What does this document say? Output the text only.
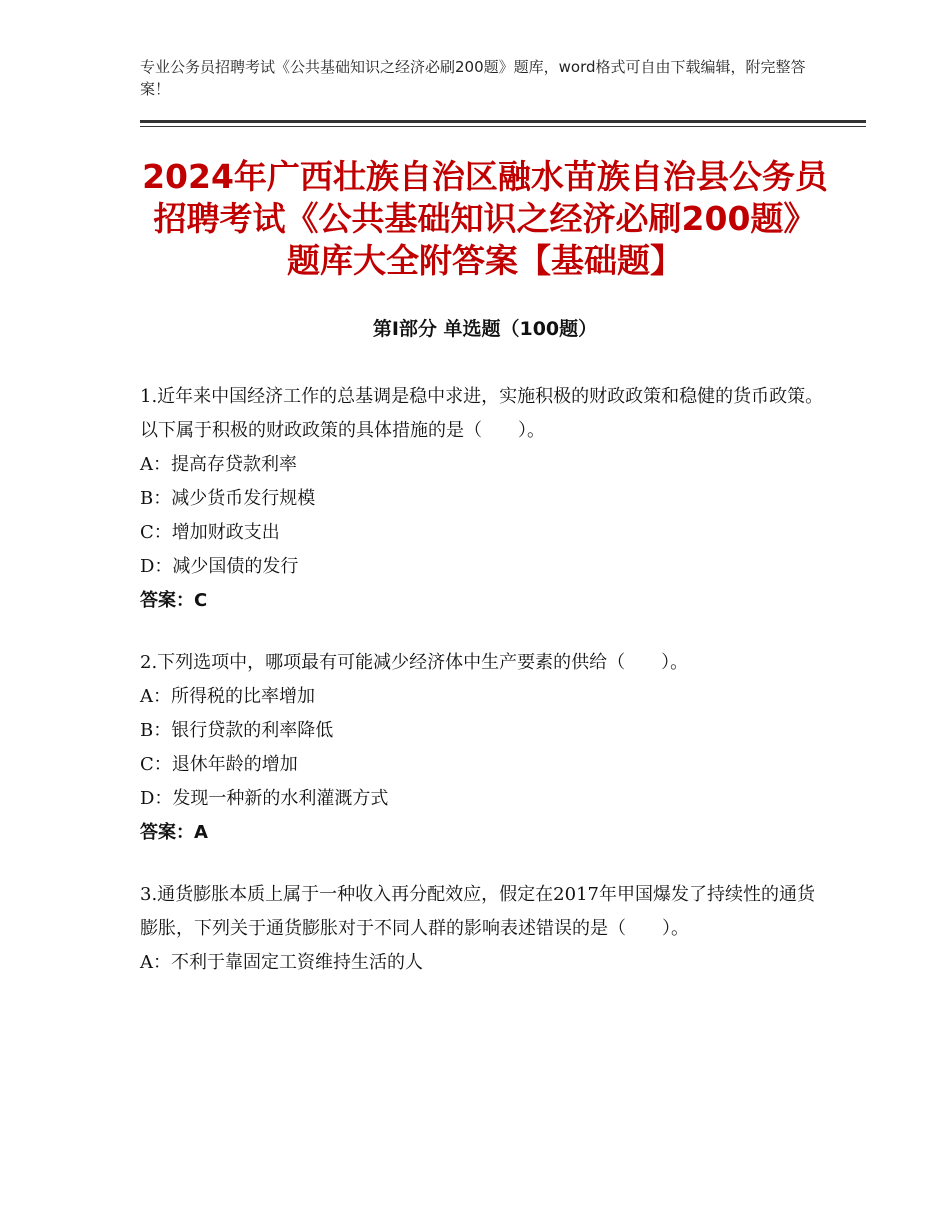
专业公务员招聘考试《公共基础知识之经济必刷200题》题库，word格式可自由下载编辑，附完整答案！
2024年广西壮族自治区融水苗族自治县公务员招聘考试《公共基础知识之经济必刷200题》题库大全附答案【基础题】
第Ⅰ部分 单选题（100题）

1.近年来中国经济工作的总基调是稳中求进，实施积极的财政政策和稳健的货币政策。以下属于积极的财政政策的具体措施的是（　　）。

A：提高存贷款利率

B：减少货币发行规模

C：增加财政支出

D：减少国债的发行

答案：C

2.下列选项中，哪项最有可能减少经济体中生产要素的供给（　　）。

A：所得税的比率增加

B：银行贷款的利率降低

C：退休年龄的增加

D：发现一种新的水利灌溉方式

答案：A

3.通货膨胀本质上属于一种收入再分配效应，假定在2017年甲国爆发了持续性的通货膨胀，下列关于通货膨胀对于不同人群的影响表述错误的是（　　）。

A：不利于靠固定工资维持生活的人
